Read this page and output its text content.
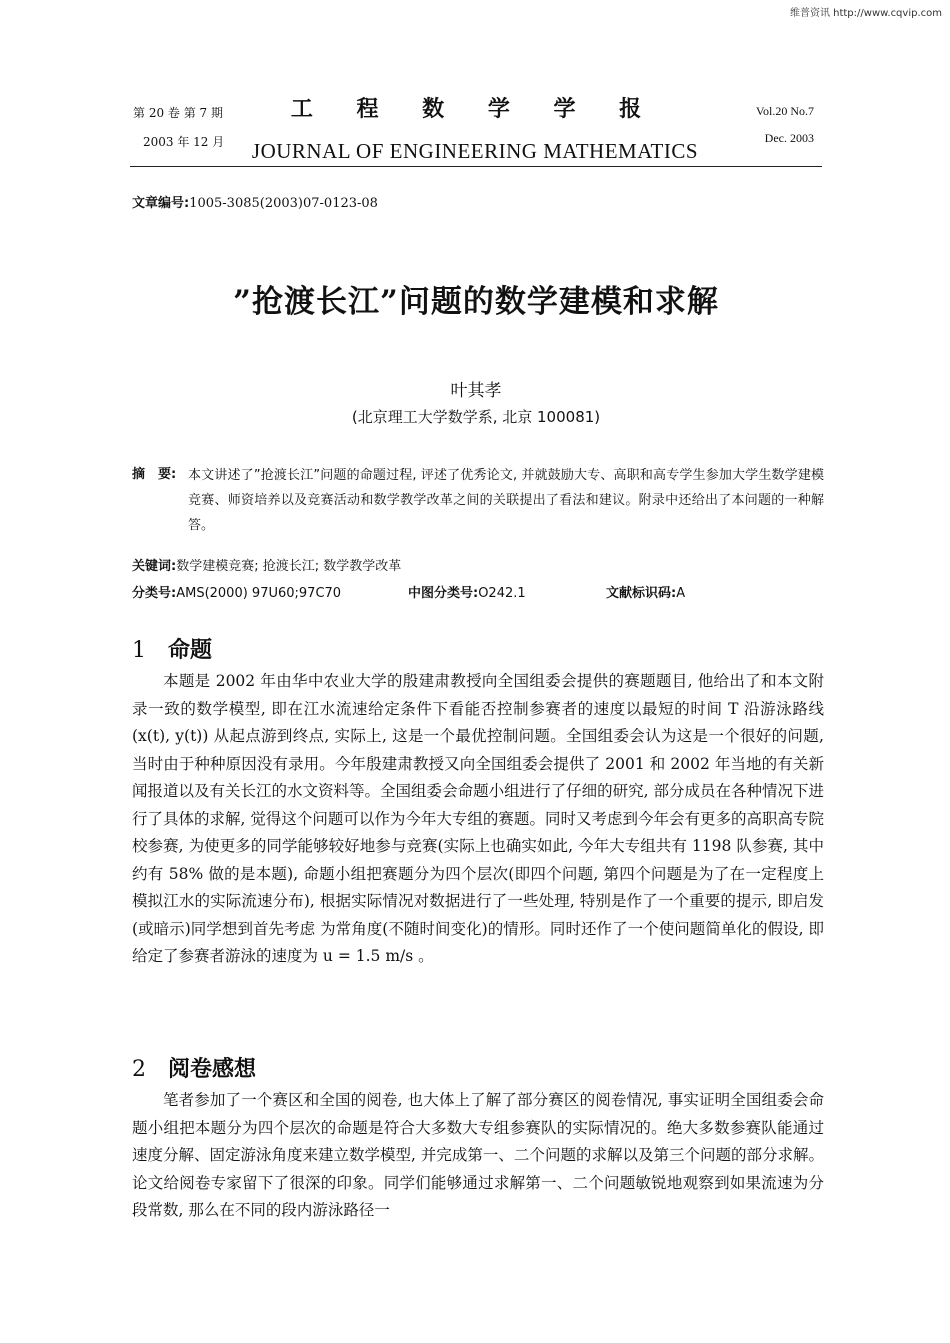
维普资讯 http://www.cqvip.com
第 20 卷 第 7 期
2003 年 12 月
工 程 数 学 学 报
JOURNAL OF ENGINEERING MATHEMATICS
Vol.20 No.7
Dec. 2003
文章编号:1005-3085(2003)07-0123-08
”抢渡长江”问题的数学建模和求解
叶其孝
(北京理工大学数学系, 北京 100081)
摘　要: 本文讲述了”抢渡长江”问题的命题过程, 评述了优秀论文, 并就鼓励大专、高职和高专学生参加大学生数学建模竞赛、师资培养以及竞赛活动和数学教学改革之间的关联提出了看法和建议。附录中还给出了本问题的一种解答。
关键词:数学建模竞赛; 抢渡长江; 数学教学改革
分类号:AMS(2000) 97U60;97C70	中图分类号:O242.1	文献标识码:A
1 命题

本题是 2002 年由华中农业大学的殷建肃教授向全国组委会提供的赛题题目, 他给出了和本文附录一致的数学模型, 即在江水流速给定条件下看能否控制参赛者的速度以最短的时间 T 沿游泳路线 (x(t), y(t)) 从起点游到终点, 实际上, 这是一个最优控制问题。全国组委会认为这是一个很好的问题, 当时由于种种原因没有录用。今年殷建肃教授又向全国组委会提供了 2001 和 2002 年当地的有关新闻报道以及有关长江的水文资料等。全国组委会命题小组进行了仔细的研究, 部分成员在各种情况下进行了具体的求解, 觉得这个问题可以作为今年大专组的赛题。同时又考虑到今年会有更多的高职高专院校参赛, 为使更多的同学能够较好地参与竞赛(实际上也确实如此, 今年大专组共有 1198 队参赛, 其中约有 58% 做的是本题), 命题小组把赛题分为四个层次(即四个问题, 第四个问题是为了在一定程度上模拟江水的实际流速分布), 根据实际情况对数据进行了一些处理, 特别是作了一个重要的提示, 即启发(或暗示)同学想到首先考虑 为常角度(不随时间变化)的情形。同时还作了一个使问题简单化的假设, 即给定了参赛者游泳的速度为 u = 1.5 m/s 。

2 阅卷感想

笔者参加了一个赛区和全国的阅卷, 也大体上了解了部分赛区的阅卷情况, 事实证明全国组委会命题小组把本题分为四个层次的命题是符合大多数大专组参赛队的实际情况的。绝大多数参赛队能通过速度分解、固定游泳角度来建立数学模型, 并完成第一、二个问题的求解以及第三个问题的部分求解。论文给阅卷专家留下了很深的印象。同学们能够通过求解第一、二个问题敏锐地观察到如果流速为分段常数, 那么在不同的段内游泳路径一
